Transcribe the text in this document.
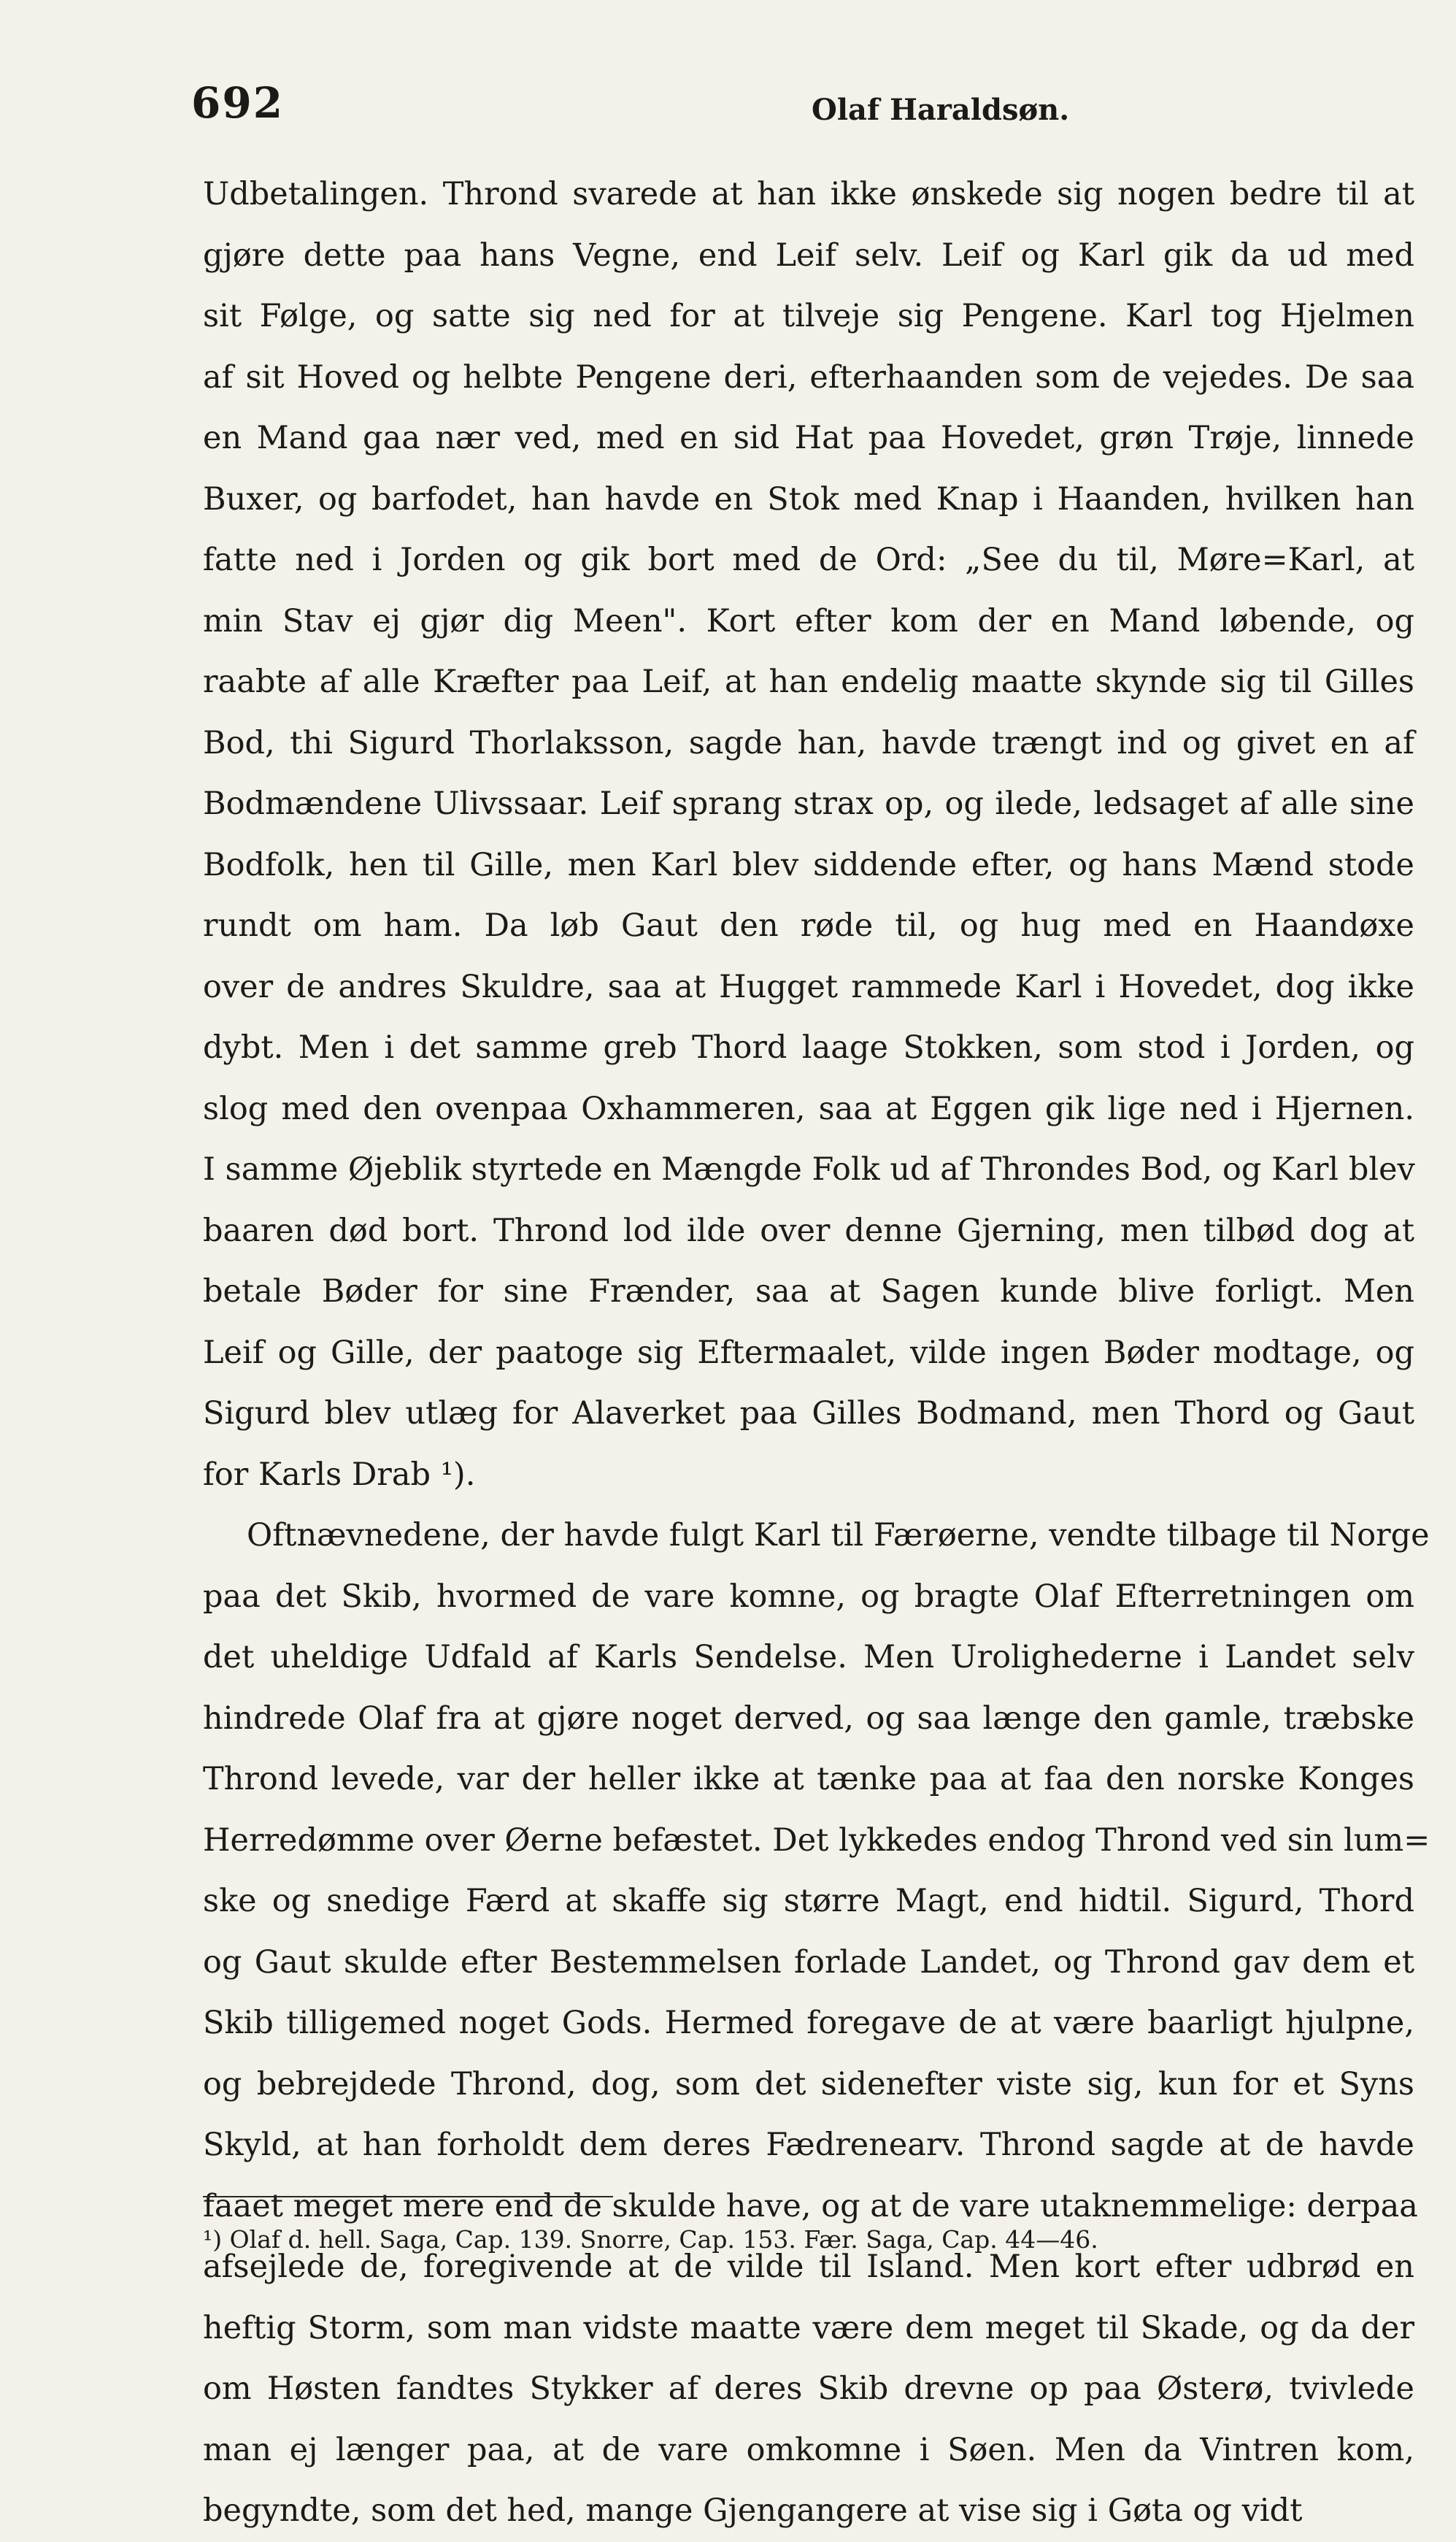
692	Olaf Haraldsøn.
Udbetalingen. Thrond svarede at han ikke ønskede sig nogen bedre til at
gjøre dette paa hans Vegne, end Leif selv. Leif og Karl gik da ud med
sit Følge, og satte sig ned for at tilveje sig Pengene. Karl tog Hjelmen
af sit Hoved og helbte Pengene deri, efterhaanden som de vejedes. De saa
en Mand gaa nær ved, med en sid Hat paa Hovedet, grøn Trøje, linnede
Buxer, og barfodet, han havde en Stok med Knap i Haanden, hvilken han
fatte ned i Jorden og gik bort med de Ord: „See du til, Møre=Karl, at
min Stav ej gjør dig Meen". Kort efter kom der en Mand løbende, og
raabte af alle Kræfter paa Leif, at han endelig maatte skynde sig til Gilles
Bod, thi Sigurd Thorlaksson, sagde han, havde trængt ind og givet en af
Bodmændene Ulivssaar. Leif sprang strax op, og ilede, ledsaget af alle sine
Bodfolk, hen til Gille, men Karl blev siddende efter, og hans Mænd stode
rundt om ham. Da løb Gaut den røde til, og hug med en Haandøxe
over de andres Skuldre, saa at Hugget rammede Karl i Hovedet, dog ikke
dybt. Men i det samme greb Thord laage Stokken, som stod i Jorden, og
slog med den ovenpaa Oxhammeren, saa at Eggen gik lige ned i Hjernen.
I samme Øjeblik styrtede en Mængde Folk ud af Throndes Bod, og Karl blev
baaren død bort. Thrond lod ilde over denne Gjerning, men tilbød dog at
betale Bøder for sine Frænder, saa at Sagen kunde blive forligt. Men
Leif og Gille, der paatoge sig Eftermaalet, vilde ingen Bøder modtage, og
Sigurd blev utlæg for Alaverket paa Gilles Bodmand, men Thord og Gaut
for Karls Drab ¹).
Oftnævnedene, der havde fulgt Karl til Færøerne, vendte tilbage til Norge
paa det Skib, hvormed de vare komne, og bragte Olaf Efterretningen om
det uheldige Udfald af Karls Sendelse. Men Urolighederne i Landet selv
hindrede Olaf fra at gjøre noget derved, og saa længe den gamle, træbske
Thrond levede, var der heller ikke at tænke paa at faa den norske Konges
Herredømme over Øerne befæstet. Det lykkedes endog Thrond ved sin lum=
ske og snedige Færd at skaffe sig større Magt, end hidtil. Sigurd, Thord
og Gaut skulde efter Bestemmelsen forlade Landet, og Thrond gav dem et
Skib tilligemed noget Gods. Hermed foregave de at være baarligt hjulpne,
og bebrejdede Thrond, dog, som det sidenefter viste sig, kun for et Syns
Skyld, at han forholdt dem deres Fædrenearv. Thrond sagde at de havde
faaet meget mere end de skulde have, og at de vare utaknemmelige: derpaa
afsejlede de, foregivende at de vilde til Island. Men kort efter udbrød en
heftig Storm, som man vidste maatte være dem meget til Skade, og da der
om Høsten fandtes Stykker af deres Skib drevne op paa Østerø, tvivlede
man ej længer paa, at de vare omkomne i Søen. Men da Vintren kom,
begyndte, som det hed, mange Gjengangere at vise sig i Gøta og vidt
¹) Olaf d. hell. Saga, Cap. 139. Snorre, Cap. 153. Fær. Saga, Cap. 44—46.
